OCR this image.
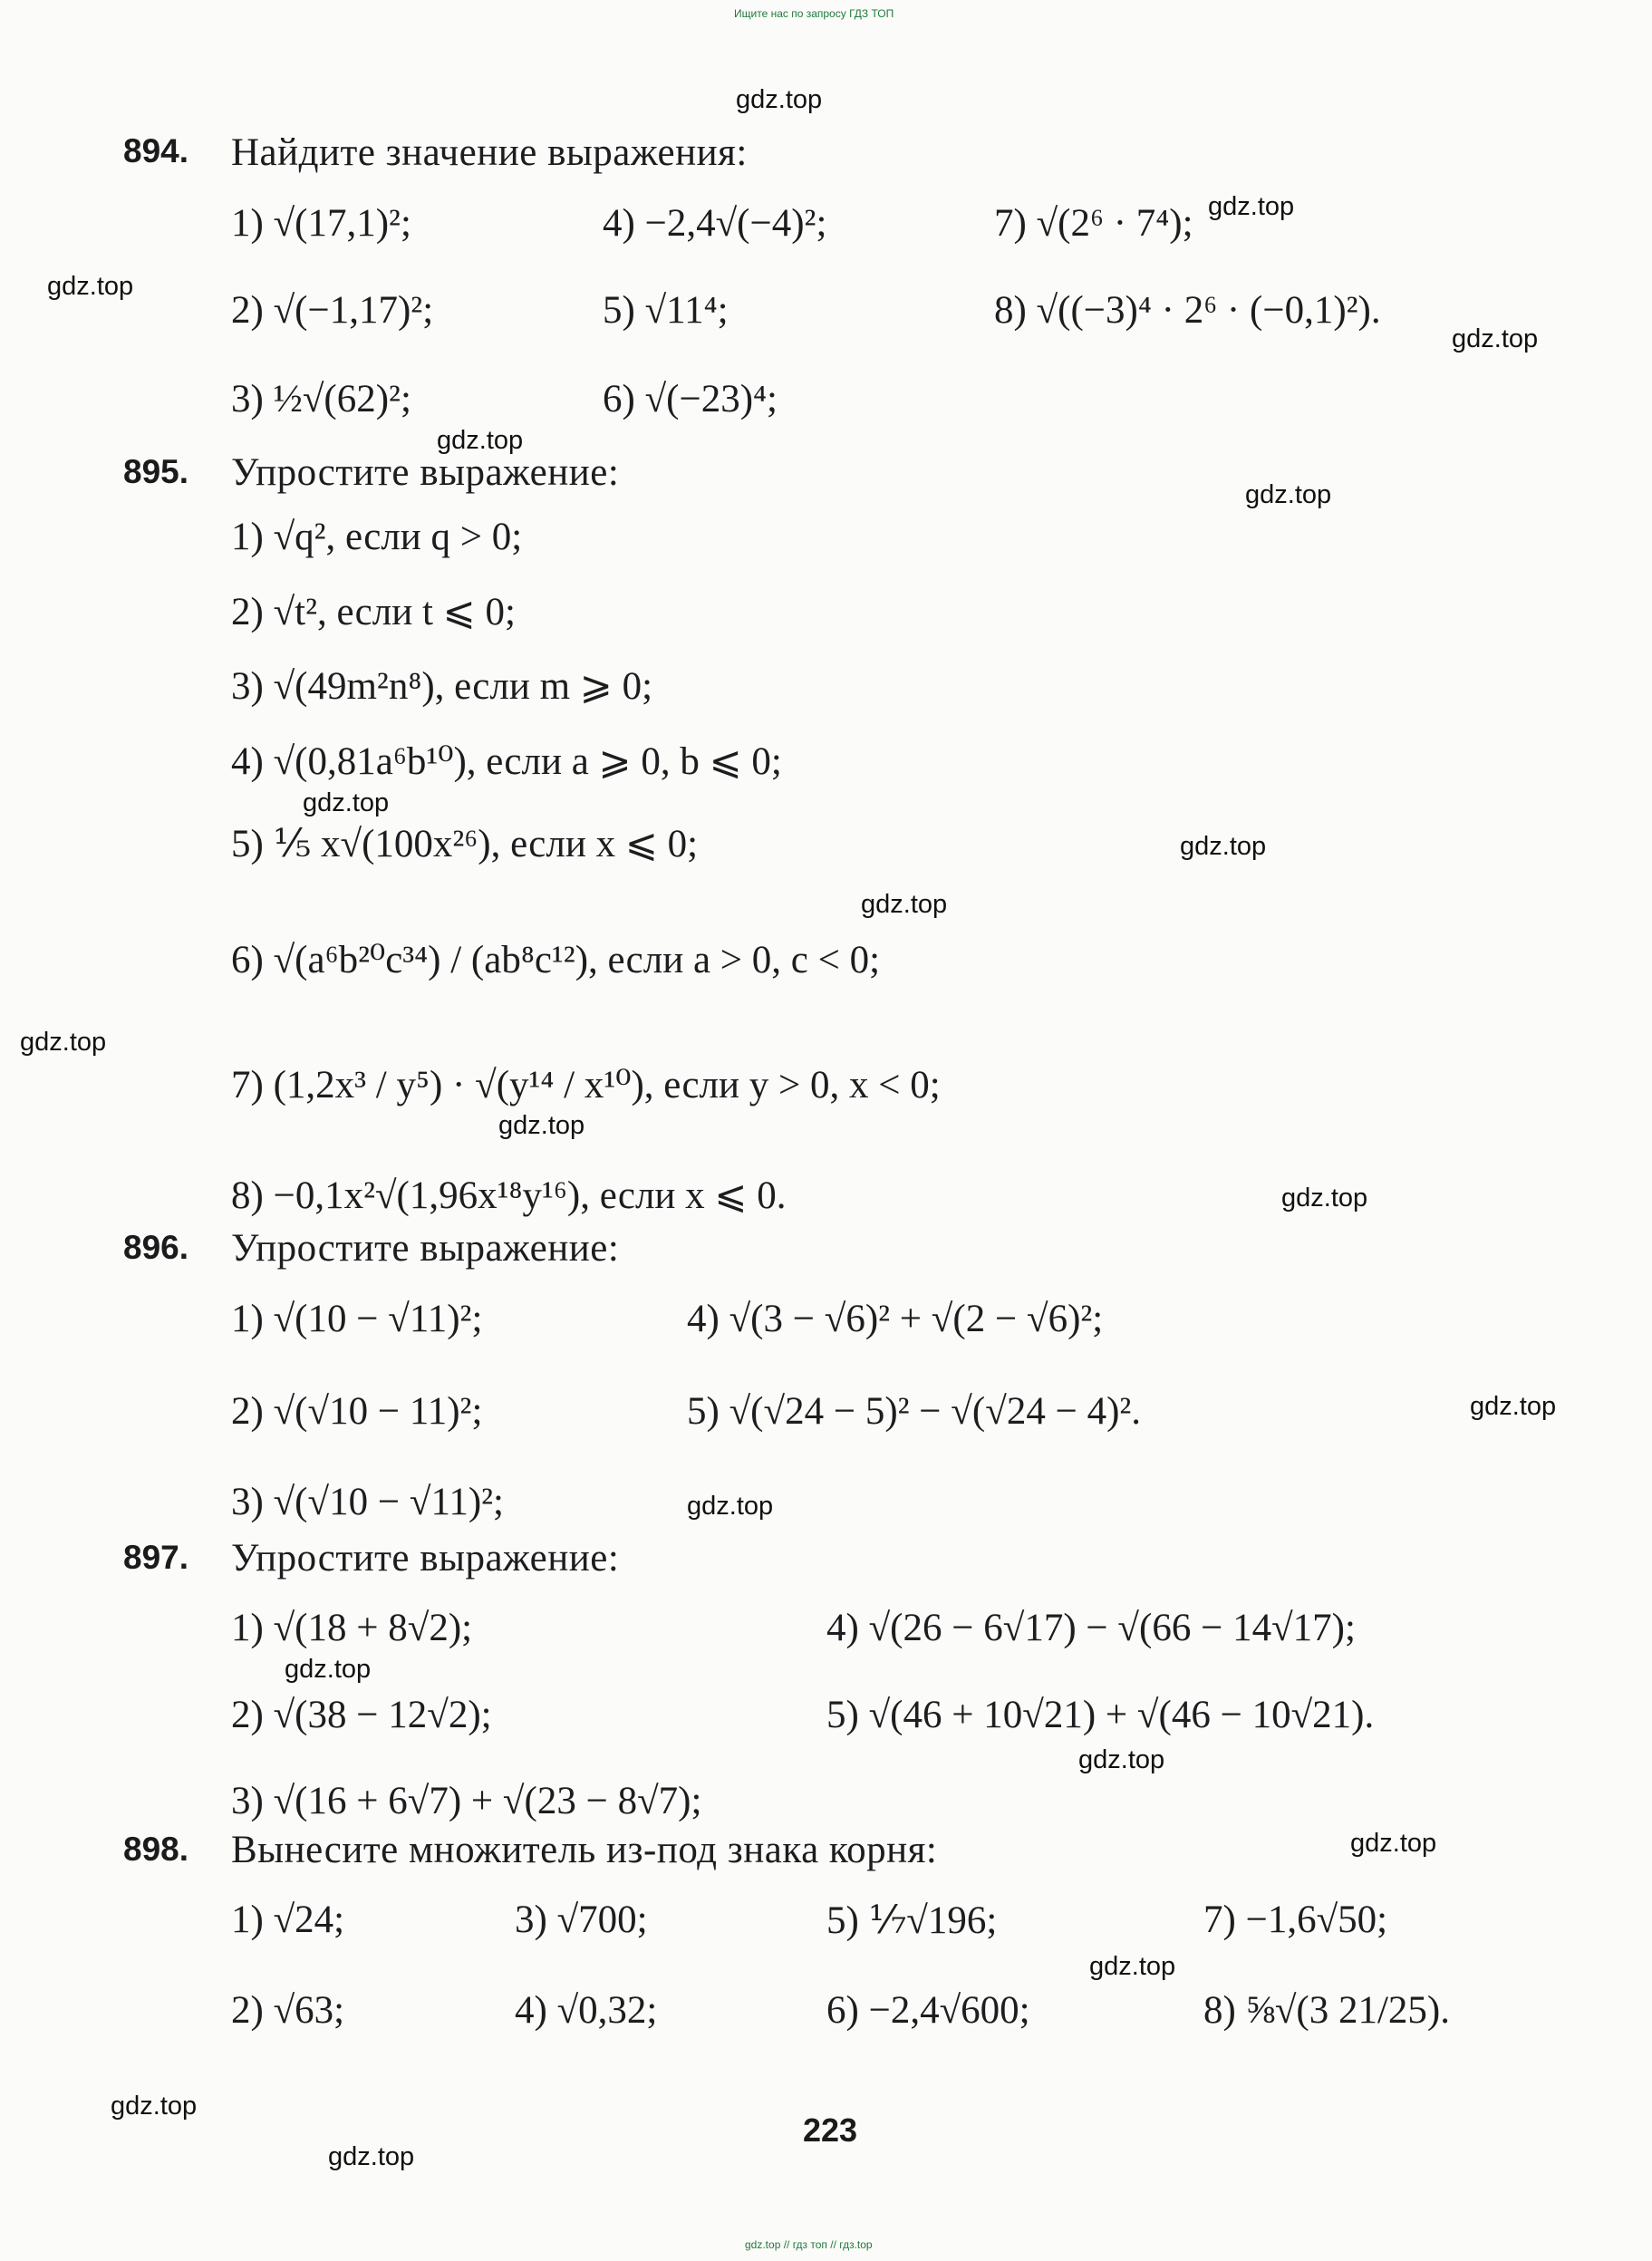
Ищите нас по запросу ГДЗ ТОП
gdz.top
gdz.top
gdz.top
gdz.top
gdz.top
gdz.top
gdz.top
gdz.top
gdz.top
gdz.top
gdz.top
gdz.top
gdz.top
gdz.top
gdz.top
gdz.top
gdz.top
gdz.top
gdz.top
gdz.top
894. Найдите значение выражения:
1) √(17,1)²;	4) −2,4√(−4)²;	7) √(2⁶ · 7⁴);
2) √(−1,17)²;	5) √11⁴;	8) √((−3)⁴ · 2⁶ · (−0,1)²).
3) ½√(62)²;	6) √(−23)⁴;
895. Упростите выражение:
1) √q², если q > 0;
2) √t², если t ⩽ 0;
3) √(49m²n⁸), если m ⩾ 0;
4) √(0,81a⁶b¹⁰), если a ⩾ 0, b ⩽ 0;
5) ⅕ x√(100x²⁶), если x ⩽ 0;
6) √(a⁶b²⁰c³⁴) / (ab⁸c¹²), если a > 0, c < 0;
7) (1,2x³ / y⁵) · √(y¹⁴ / x¹⁰), если y > 0, x < 0;
8) −0,1x²√(1,96x¹⁸y¹⁶), если x ⩽ 0.
896. Упростите выражение:
1) √(10 − √11)²;	4) √(3 − √6)² + √(2 − √6)²;
2) √(√10 − 11)²;	5) √(√24 − 5)² − √(√24 − 4)².
3) √(√10 − √11)²;
897. Упростите выражение:
1) √(18 + 8√2);	4) √(26 − 6√17) − √(66 − 14√17);
2) √(38 − 12√2);	5) √(46 + 10√21) + √(46 − 10√21).
3) √(16 + 6√7) + √(23 − 8√7);
898. Вынесите множитель из-под знака корня:
1) √24;	3) √700;	5) ⅐√196;	7) −1,6√50;
2) √63;	4) √0,32;	6) −2,4√600;	8) ⅝√(3 21/25).
223
gdz.top // гдз топ // гдз.top
